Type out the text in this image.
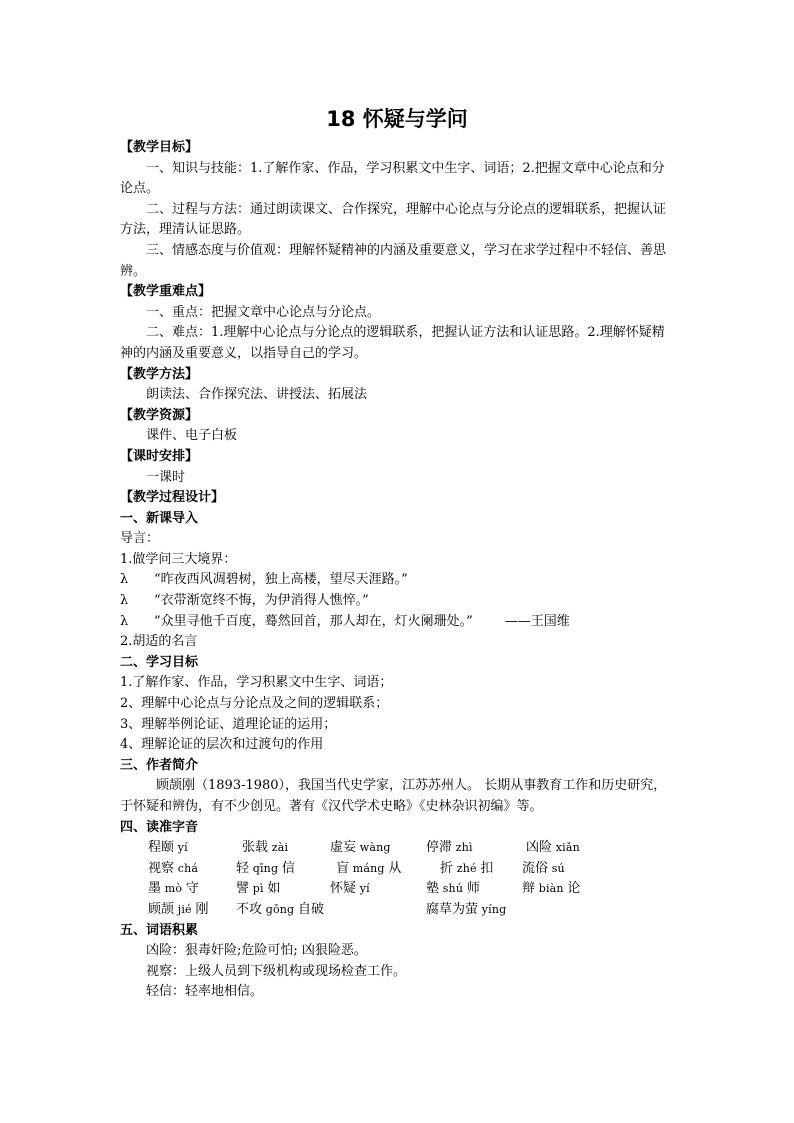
18 怀疑与学问
【教学目标】
一、知识与技能：1.了解作家、作品，学习积累文中生字、词语；2.把握文章中心论点和分论点。
二、过程与方法：通过朗读课文、合作探究，理解中心论点与分论点的逻辑联系，把握认证方法，理清认证思路。
三、情感态度与价值观：理解怀疑精神的内涵及重要意义，学习在求学过程中不轻信、善思辨。
【教学重难点】
一、重点：把握文章中心论点与分论点。
二、难点：1.理解中心论点与分论点的逻辑联系，把握认证方法和认证思路。2.理解怀疑精神的内涵及重要意义，以指导自己的学习。
【教学方法】
朗读法、合作探究法、讲授法、拓展法
【教学资源】
课件、电子白板
【课时安排】
一课时
【教学过程设计】
一、新课导入
导言：
1.做学问三大境界：
λ “昨夜西风凋碧树，独上高楼，望尽天涯路。”
λ “衣带渐宽终不悔，为伊消得人憔悴。”
λ “众里寻他千百度，蓦然回首，那人却在，灯火阑珊处。” ——王国维
2.胡适的名言
二、学习目标
1.了解作家、作品，学习积累文中生字、词语；
2、理解中心论点与分论点及之间的逻辑联系；
3、理解举例论证、道理论证的运用；
4、理解论证的层次和过渡句的作用
三、作者简介
顾颉刚（1893-1980），我国当代史学家，江苏苏州人。 长期从事教育工作和历史研究，于怀疑和辨伪，有不少创见。著有《汉代学术史略》《史林杂识初编》等。
四、读准字音
程颐 yí	张载 zài	虚妄 wàng	停滞 zhì	凶险 xiǎn
视察 chá	轻 qīng 信	盲 máng 从	折 zhé 扣 流俗 sú
墨 mò 守	譬 pì 如	怀疑 yí	塾 shú 师	辩 biàn 论
顾颉 jié 刚 不攻 gōng 自破	腐草为萤 yíng
五、词语积累
凶险：狠毒奸险;危险可怕; 凶狠险恶。
视察：上级人员到下级机构或现场检查工作。
轻信：轻率地相信。
